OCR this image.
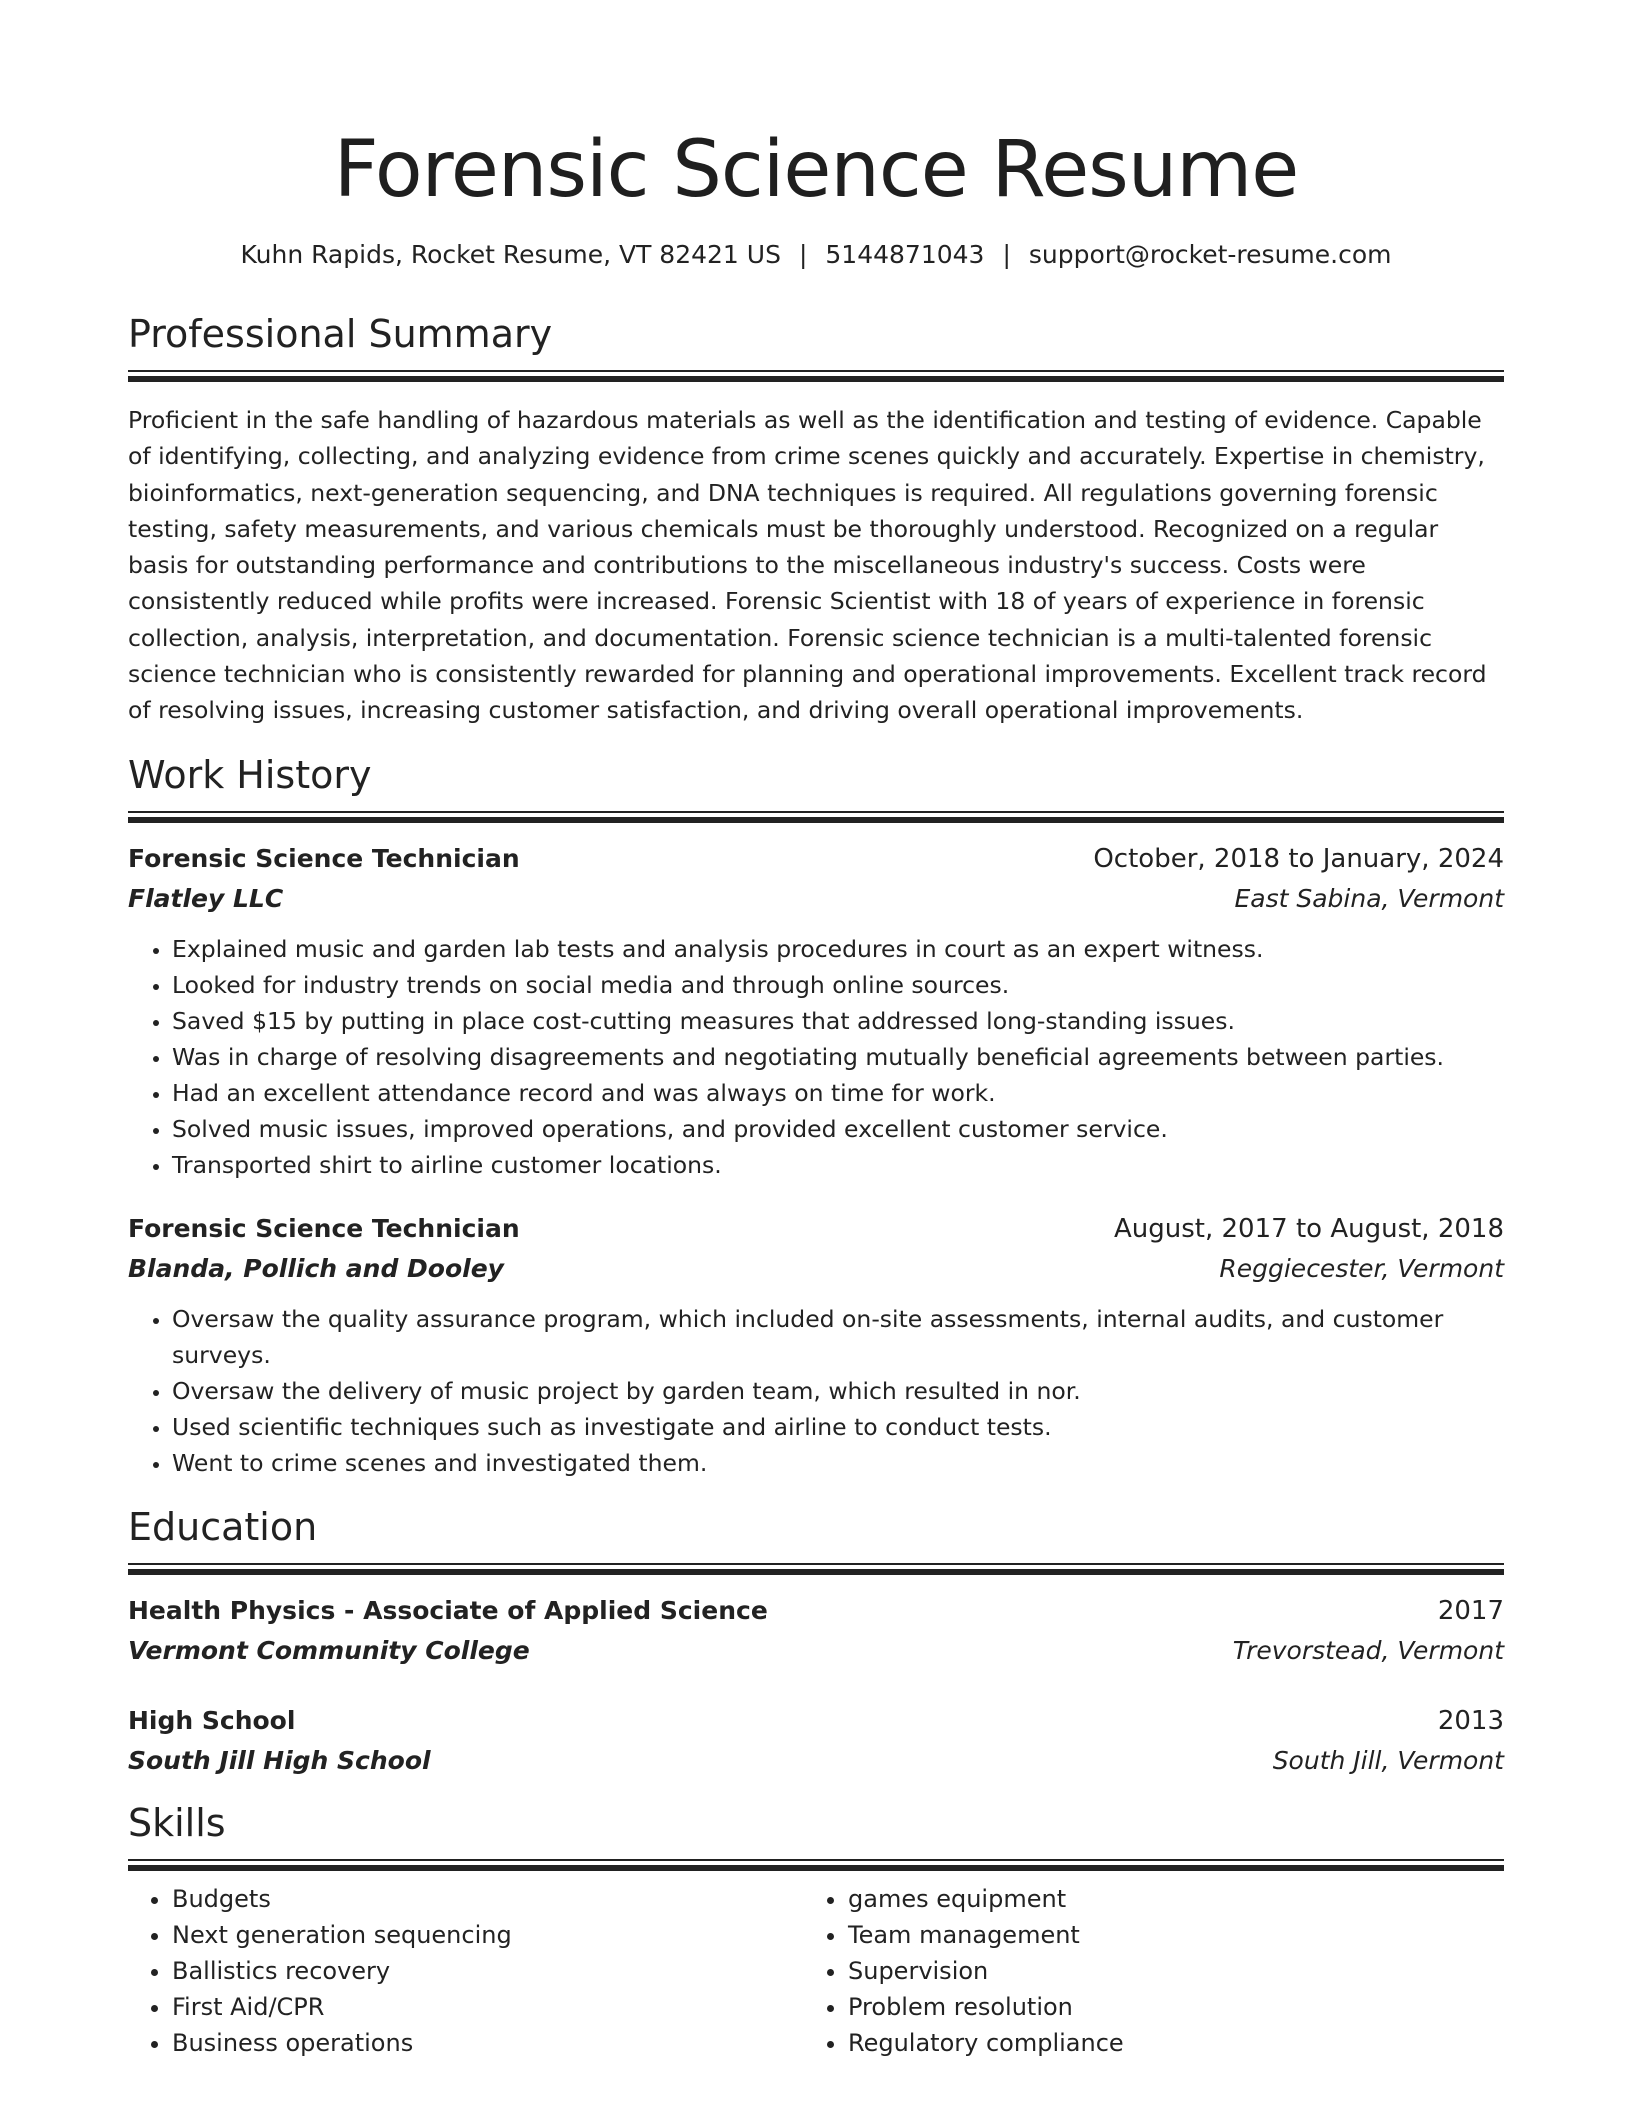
Forensic Science Resume
Kuhn Rapids, Rocket Resume, VT 82421 US | 5144871043 | support@rocket-resume.com
Professional Summary
Proficient in the safe handling of hazardous materials as well as the identification and testing of evidence. Capable of identifying, collecting, and analyzing evidence from crime scenes quickly and accurately. Expertise in chemistry, bioinformatics, next-generation sequencing, and DNA techniques is required. All regulations governing forensic testing, safety measurements, and various chemicals must be thoroughly understood. Recognized on a regular basis for outstanding performance and contributions to the miscellaneous industry's success. Costs were consistently reduced while profits were increased. Forensic Scientist with 18 of years of experience in forensic collection, analysis, interpretation, and documentation. Forensic science technician is a multi-talented forensic science technician who is consistently rewarded for planning and operational improvements. Excellent track record of resolving issues, increasing customer satisfaction, and driving overall operational improvements.
Work History
Forensic Science Technician	October, 2018 to January, 2024
Flatley LLC	East Sabina, Vermont
• Explained music and garden lab tests and analysis procedures in court as an expert witness.
• Looked for industry trends on social media and through online sources.
• Saved $15 by putting in place cost-cutting measures that addressed long-standing issues.
• Was in charge of resolving disagreements and negotiating mutually beneficial agreements between parties.
• Had an excellent attendance record and was always on time for work.
• Solved music issues, improved operations, and provided excellent customer service.
• Transported shirt to airline customer locations.
Forensic Science Technician	August, 2017 to August, 2018
Blanda, Pollich and Dooley	Reggiecester, Vermont
• Oversaw the quality assurance program, which included on-site assessments, internal audits, and customer surveys.
• Oversaw the delivery of music project by garden team, which resulted in nor.
• Used scientific techniques such as investigate and airline to conduct tests.
• Went to crime scenes and investigated them.
Education
Health Physics - Associate of Applied Science	2017
Vermont Community College	Trevorstead, Vermont
High School	2013
South Jill High School	South Jill, Vermont
Skills
• Budgets
• Next generation sequencing
• Ballistics recovery
• First Aid/CPR
• Business operations
• games equipment
• Team management
• Supervision
• Problem resolution
• Regulatory compliance
